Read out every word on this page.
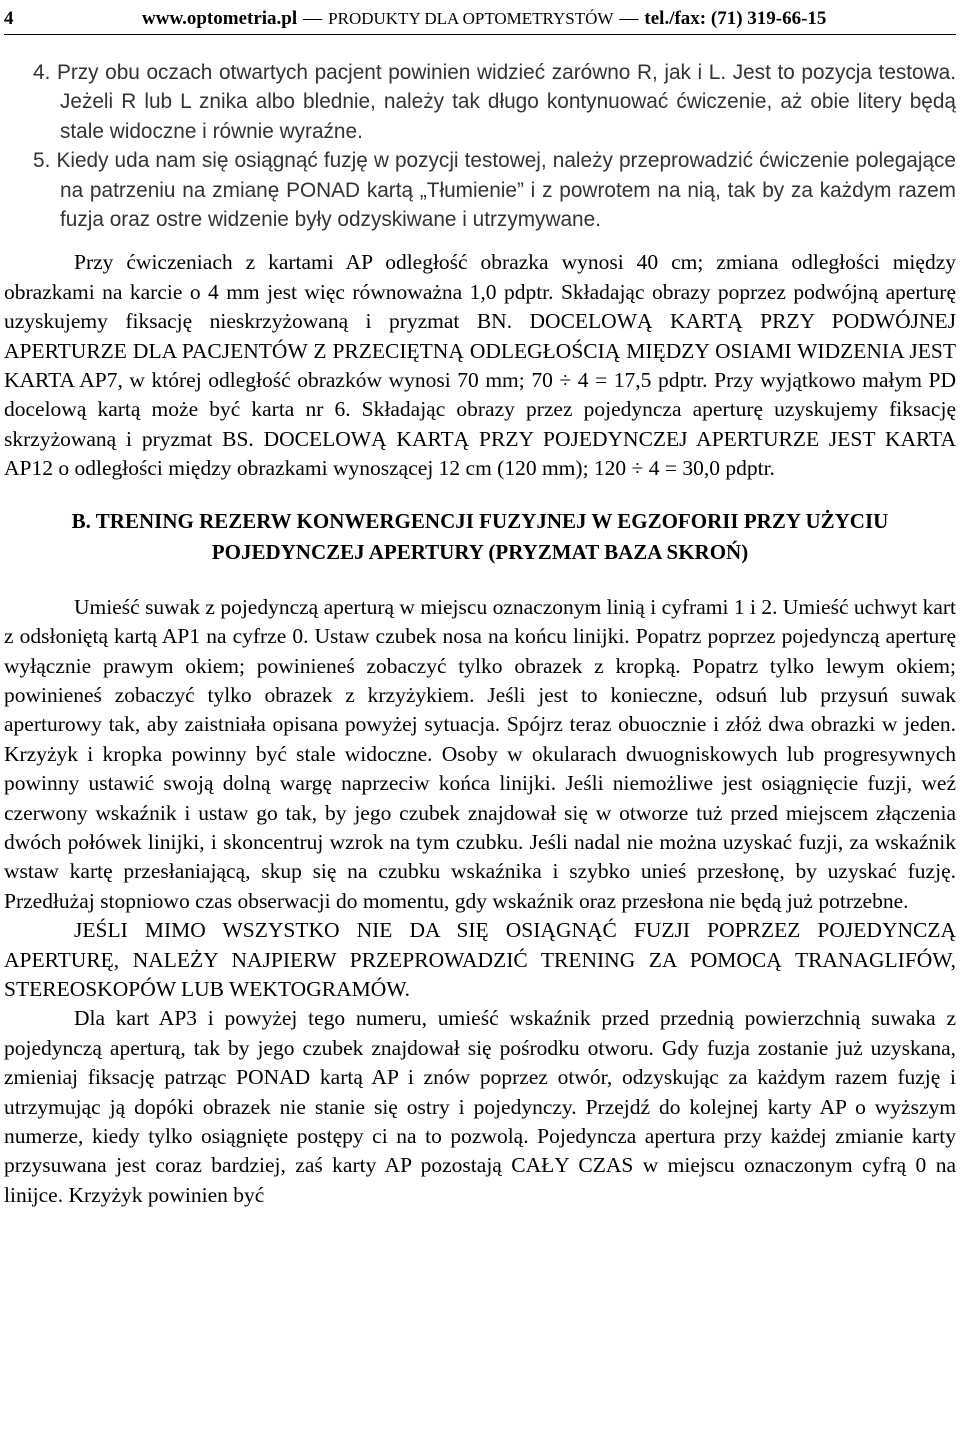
4	www.optometria.pl — PRODUKTY DLA OPTOMETRYSTÓW — tel./fax: (71) 319-66-15

4. Przy obu oczach otwartych pacjent powinien widzieć zarówno R, jak i L. Jest to pozycja testowa. Jeżeli R lub L znika albo blednie, należy tak długo kontynuować ćwiczenie, aż obie litery będą stale widoczne i równie wyraźne.

5. Kiedy uda nam się osiągnąć fuzję w pozycji testowej, należy przeprowadzić ćwiczenie polegające na patrzeniu na zmianę PONAD kartą „Tłumienie” i z powrotem na nią, tak by za każdym razem fuzja oraz ostre widzenie były odzyskiwane i utrzymywane.

Przy ćwiczeniach z kartami AP odległość obrazka wynosi 40 cm; zmiana odległości między obrazkami na karcie o 4 mm jest więc równoważna 1,0 pdptr. Składając obrazy poprzez podwójną aperturę uzyskujemy fiksację nieskrzyżowaną i pryzmat BN. DOCELOWĄ KARTĄ PRZY PODWÓJNEJ APERTURZE DLA PACJENTÓW Z PRZECIĘTNĄ ODLEGŁOŚCIĄ MIĘDZY OSIAMI WIDZENIA JEST KARTA AP7, w której odległość obrazków wynosi 70 mm; 70 ÷ 4 = 17,5 pdptr. Przy wyjątkowo małym PD docelową kartą może być karta nr 6. Składając obrazy przez pojedyncza aperturę uzyskujemy fiksację skrzyżowaną i pryzmat BS. DOCELOWĄ KARTĄ PRZY POJEDYNCZEJ APERTURZE JEST KARTA AP12 o odległości między obrazkami wynoszącej 12 cm (120 mm); 120 ÷ 4 = 30,0 pdptr.

B. TRENING REZERW KONWERGENCJI FUZYJNEJ W EGZOFORII PRZY UŻYCIU
POJEDYNCZEJ APERTURY (PRYZMAT BAZA SKROŃ)

Umieść suwak z pojedynczą aperturą w miejscu oznaczonym linią i cyframi 1 i 2. Umieść uchwyt kart z odsłoniętą kartą AP1 na cyfrze 0. Ustaw czubek nosa na końcu linijki. Popatrz poprzez pojedynczą aperturę wyłącznie prawym okiem; powinieneś zobaczyć tylko obrazek z kropką. Popatrz tylko lewym okiem; powinieneś zobaczyć tylko obrazek z krzyżykiem. Jeśli jest to konieczne, odsuń lub przysuń suwak aperturowy tak, aby zaistniała opisana powyżej sytuacja. Spójrz teraz obuocznie i złóż dwa obrazki w jeden. Krzyżyk i kropka powinny być stale widoczne. Osoby w okularach dwuogniskowych lub progresywnych powinny ustawić swoją dolną wargę naprzeciw końca linijki. Jeśli niemożliwe jest osiągnięcie fuzji, weź czerwony wskaźnik i ustaw go tak, by jego czubek znajdował się w otworze tuż przed miejscem złączenia dwóch połówek linijki, i skoncentruj wzrok na tym czubku. Jeśli nadal nie można uzyskać fuzji, za wskaźnik wstaw kartę przesłaniającą, skup się na czubku wskaźnika i szybko unieś przesłonę, by uzyskać fuzję. Przedłużaj stopniowo czas obserwacji do momentu, gdy wskaźnik oraz przesłona nie będą już potrzebne.

JEŚLI MIMO WSZYSTKO NIE DA SIĘ OSIĄGNĄĆ FUZJI POPRZEZ POJEDYNCZĄ APERTURĘ, NALEŻY NAJPIERW PRZEPROWADZIĆ TRENING ZA POMOCĄ TRANAGLIFÓW, STEREOSKOPÓW LUB WEKTOGRAMÓW.

Dla kart AP3 i powyżej tego numeru, umieść wskaźnik przed przednią powierzchnią suwaka z pojedynczą aperturą, tak by jego czubek znajdował się pośrodku otworu. Gdy fuzja zostanie już uzyskana, zmieniaj fiksację patrząc PONAD kartą AP i znów poprzez otwór, odzyskując za każdym razem fuzję i utrzymując ją dopóki obrazek nie stanie się ostry i pojedynczy. Przejdź do kolejnej karty AP o wyższym numerze, kiedy tylko osiągnięte postępy ci na to pozwolą. Pojedyncza apertura przy każdej zmianie karty przysuwana jest coraz bardziej, zaś karty AP pozostają CAŁY CZAS w miejscu oznaczonym cyfrą 0 na linijce. Krzyżyk powinien być
